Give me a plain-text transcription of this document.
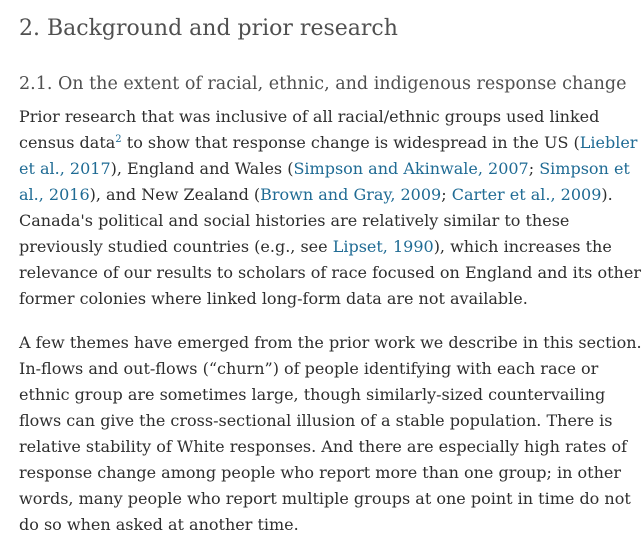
2. Background and prior research
2.1. On the extent of racial, ethnic, and indigenous response change

Prior research that was inclusive of all racial/ethnic groups used linked
census data$^2$ to show that response change is widespread in the US (Liebler
et al., 2017), England and Wales (Simpson and Akinwale, 2007; Simpson et
al., 2016), and New Zealand (Brown and Gray, 2009; Carter et al., 2009).
Canada's political and social histories are relatively similar to these
previously studied countries (e.g., see Lipset, 1990), which increases the
relevance of our results to scholars of race focused on England and its other
former colonies where linked long-form data are not available.

A few themes have emerged from the prior work we describe in this section.
In-flows and out-flows (“churn”) of people identifying with each race or
ethnic group are sometimes large, though similarly-sized countervailing
flows can give the cross-sectional illusion of a stable population. There is
relative stability of White responses. And there are especially high rates of
response change among people who report more than one group; in other
words, many people who report multiple groups at one point in time do not
do so when asked at another time.
